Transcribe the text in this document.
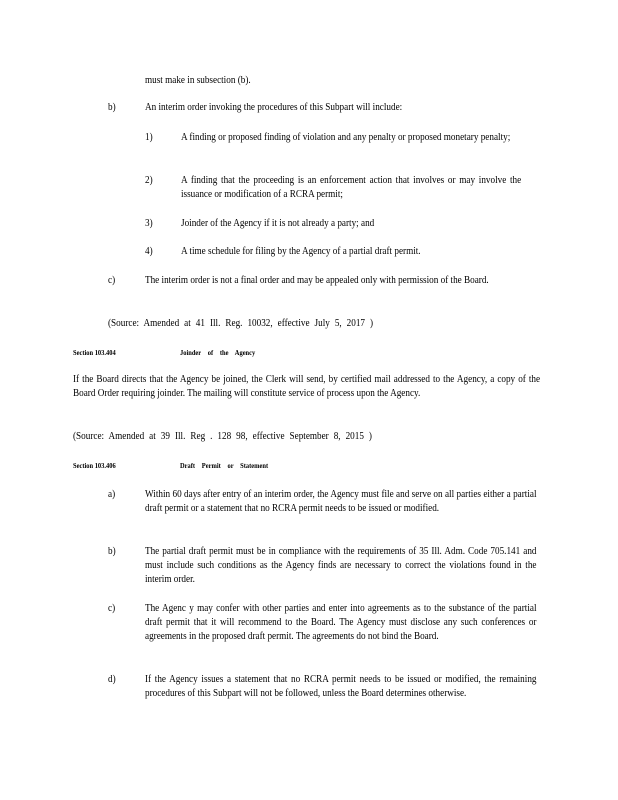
must make in subsection (b).
b)	An interim order invoking the procedures of this Subpart will include:
1)	A finding or proposed finding of violation and any penalty or proposed monetary penalty;
2)	A finding that the proceeding is an enforcement action that involves or may involve the issuance or modification of a RCRA permit;
3)	Joinder of the Agency if it is not already a party; and
4)	A time schedule for filing by the Agency of a partial draft permit.
c)	The interim order is not a final order and may be appealed only with permission of the Board.
(Source: Amended at 41 Ill. Reg. 10032, effective July 5, 2017 )
Section 103.404	Joinder of the Agency
If the Board directs that the Agency be joined, the Clerk will send, by certified mail addressed to the Agency, a copy of the Board Order requiring joinder. The mailing will constitute service of process upon the Agency.
(Source: Amended at 39 Ill. Reg . 128 98, effective September 8, 2015 )
Section 103.406	Draft Permit or Statement
a)	Within 60 days after entry of an interim order, the Agency must file and serve on all parties either a partial draft permit or a statement that no RCRA permit needs to be issued or modified.
b)	The partial draft permit must be in compliance with the requirements of 35 Ill. Adm. Code 705.141 and must include such conditions as the Agency finds are necessary to correct the violations found in the interim order.
c)	The Agenc y may confer with other parties and enter into agreements as to the substance of the partial draft permit that it will recommend to the Board. The Agency must disclose any such conferences or agreements in the proposed draft permit. The agreements do not bind the Board.
d)	If the Agency issues a statement that no RCRA permit needs to be issued or modified, the remaining procedures of this Subpart will not be followed, unless the Board determines otherwise.
